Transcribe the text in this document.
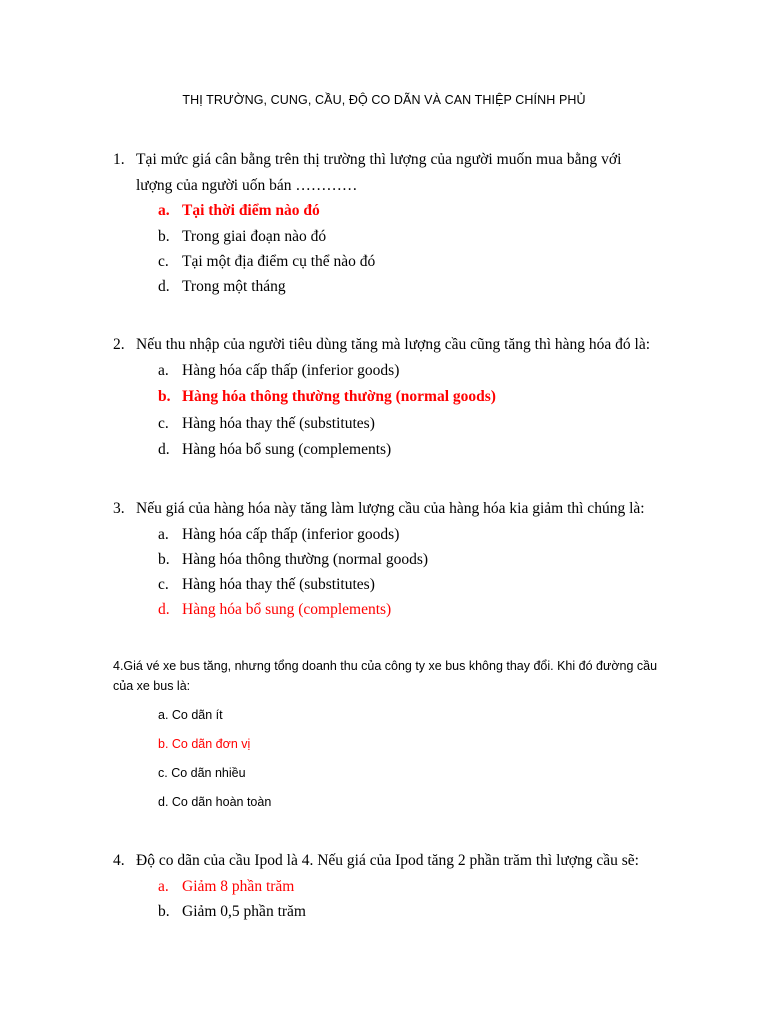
THỊ TRƯỜNG, CUNG, CẦU, ĐỘ CO DÃN VÀ CAN THIỆP CHÍNH PHỦ
1. Tại mức giá cân bằng trên thị trường thì lượng của người muốn mua bằng với
lượng của người uốn bán …………
a. Tại thời điểm nào đó
b. Trong giai đoạn nào đó
c. Tại một địa điểm cụ thể nào đó
d. Trong một tháng
2. Nếu thu nhập của người tiêu dùng tăng mà lượng cầu cũng tăng thì hàng hóa đó là:
a. Hàng hóa cấp thấp (inferior goods)
b. Hàng hóa thông thường thường (normal goods)
c. Hàng hóa thay thế (substitutes)
d. Hàng hóa bổ sung (complements)
3. Nếu giá của hàng hóa này tăng làm lượng cầu của hàng hóa kia giảm thì chúng là:
a. Hàng hóa cấp thấp (inferior goods)
b. Hàng hóa thông thường (normal goods)
c. Hàng hóa thay thế (substitutes)
d. Hàng hóa bổ sung (complements)
4.Giá vé xe bus tăng, nhưng tổng doanh thu của công ty xe bus không thay đổi. Khi đó đường cầu
của xe bus là:
a. Co dãn ít
b. Co dãn đơn vị
c. Co dãn nhiều
d. Co dãn hoàn toàn
4. Độ co dãn của cầu Ipod là 4. Nếu giá của Ipod tăng 2 phần trăm thì lượng cầu sẽ:
a. Giảm 8 phần trăm
b. Giảm 0,5 phần trăm
